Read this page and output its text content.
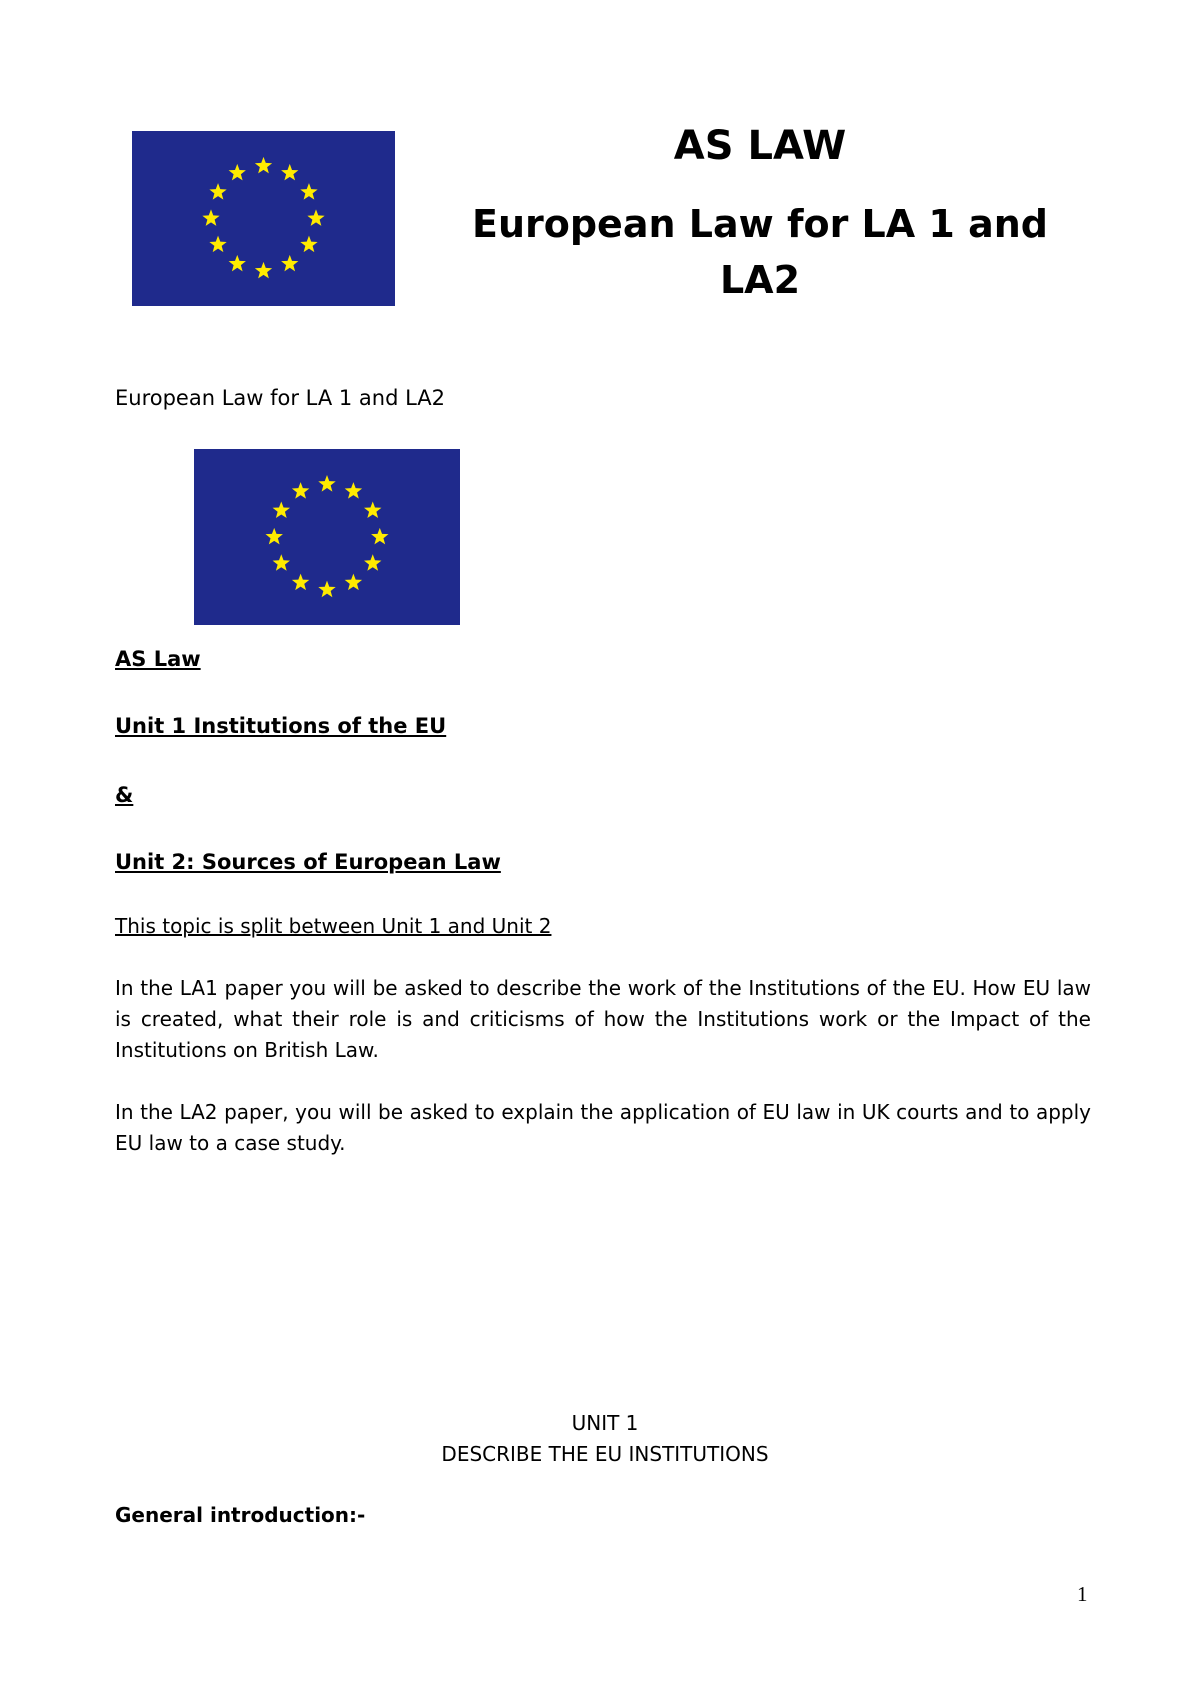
AS LAW
European Law for LA 1 and
LA2
European Law for LA 1 and LA2
AS Law
Unit 1 Institutions of the EU
&
Unit 2: Sources of European Law
This topic is split between Unit 1 and Unit 2

In the LA1 paper you will be asked to describe the work of the Institutions of the EU. How EU law is created, what their role is and criticisms of how the Institutions work or the Impact of the Institutions on British Law.

In the LA2 paper, you will be asked to explain the application of EU law in UK courts and to apply EU law to a case study.

UNIT 1
DESCRIBE THE EU INSTITUTIONS
General introduction:-
1
